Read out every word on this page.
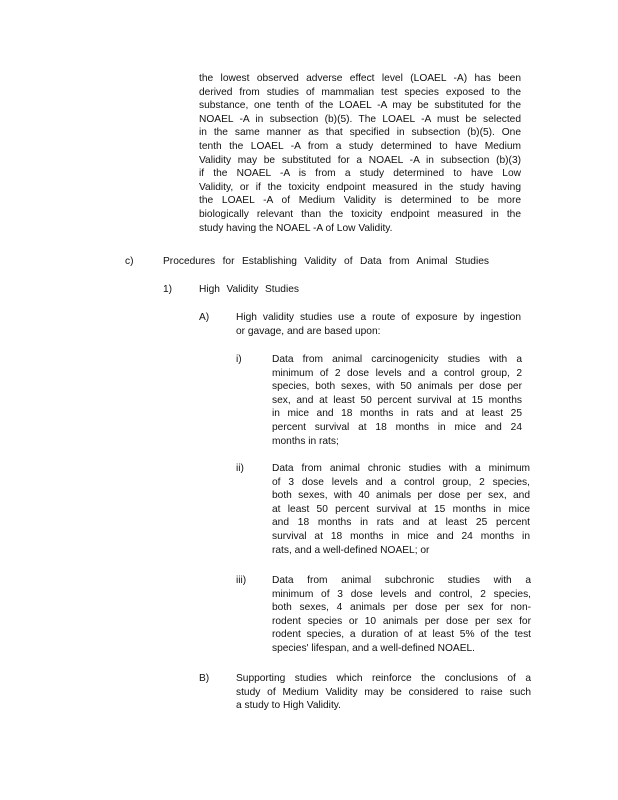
the lowest observed adverse effect level (LOAEL -A) has been
derived from studies of mammalian test species exposed to the
substance, one tenth of the LOAEL -A may be substituted for the
NOAEL -A in subsection (b)(5). The LOAEL -A must be selected
in the same manner as that specified in subsection (b)(5). One
tenth the LOAEL -A from a study determined to have Medium
Validity may be substituted for a NOAEL -A in subsection (b)(3)
if the NOAEL -A is from a study determined to have Low
Validity, or if the toxicity endpoint measured in the study having
the LOAEL -A of Medium Validity is determined to be more
biologically relevant than the toxicity endpoint measured in the
study having the NOAEL -A of Low Validity.
c)	Procedures for Establishing Validity of Data from Animal Studies
1)	High Validity Studies
A)	High validity studies use a route of exposure by ingestion
or gavage, and are based upon:
i)	Data from animal carcinogenicity studies with a
minimum of 2 dose levels and a control group, 2
species, both sexes, with 50 animals per dose per
sex, and at least 50 percent survival at 15 months
in mice and 18 months in rats and at least 25
percent survival at 18 months in mice and 24
months in rats;
ii)	Data from animal chronic studies with a minimum
of 3 dose levels and a control group, 2 species,
both sexes, with 40 animals per dose per sex, and
at least 50 percent survival at 15 months in mice
and 18 months in rats and at least 25 percent
survival at 18 months in mice and 24 months in
rats, and a well-defined NOAEL; or
iii)	Data from animal subchronic studies with a
minimum of 3 dose levels and control, 2 species,
both sexes, 4 animals per dose per sex for non-
rodent species or 10 animals per dose per sex for
rodent species, a duration of at least 5% of the test
species' lifespan, and a well-defined NOAEL.
B)	Supporting studies which reinforce the conclusions of a
study of Medium Validity may be considered to raise such
a study to High Validity.
